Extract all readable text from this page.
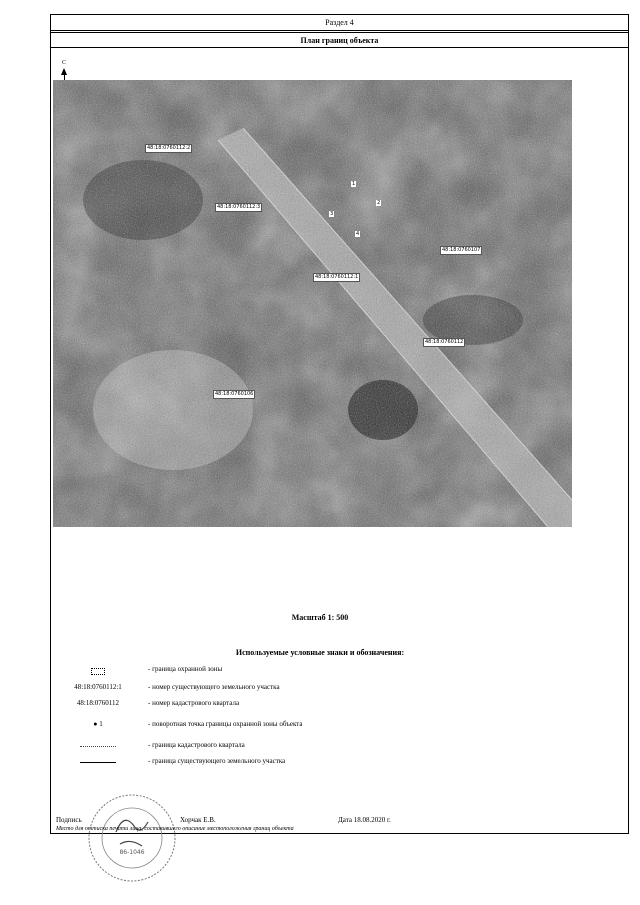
Раздел 4
План границ объекта
С
48:18:0760112:2
48:18:0760112:3
48:18:0760112:1
48:18:0760107
48:18:0760112
48:18:0760106
1
2
3
4
Масштаб 1: 500
Используемые условные знаки и обозначения:
- граница охранной зоны
48:18:0760112:1	- номер существующего земельного участка
48:18:0760112	- номер кадастрового квартала
● 1	- поворотная точка границы охранной зоны объекта
- граница кадастрового квартала
- граница существующего земельного участка
86-1046
Подпись	Хорчак Е.В.	Дата 18.08.2020 г.
Место для оттиска печати лица, составившего описание местоположения границ объекта
